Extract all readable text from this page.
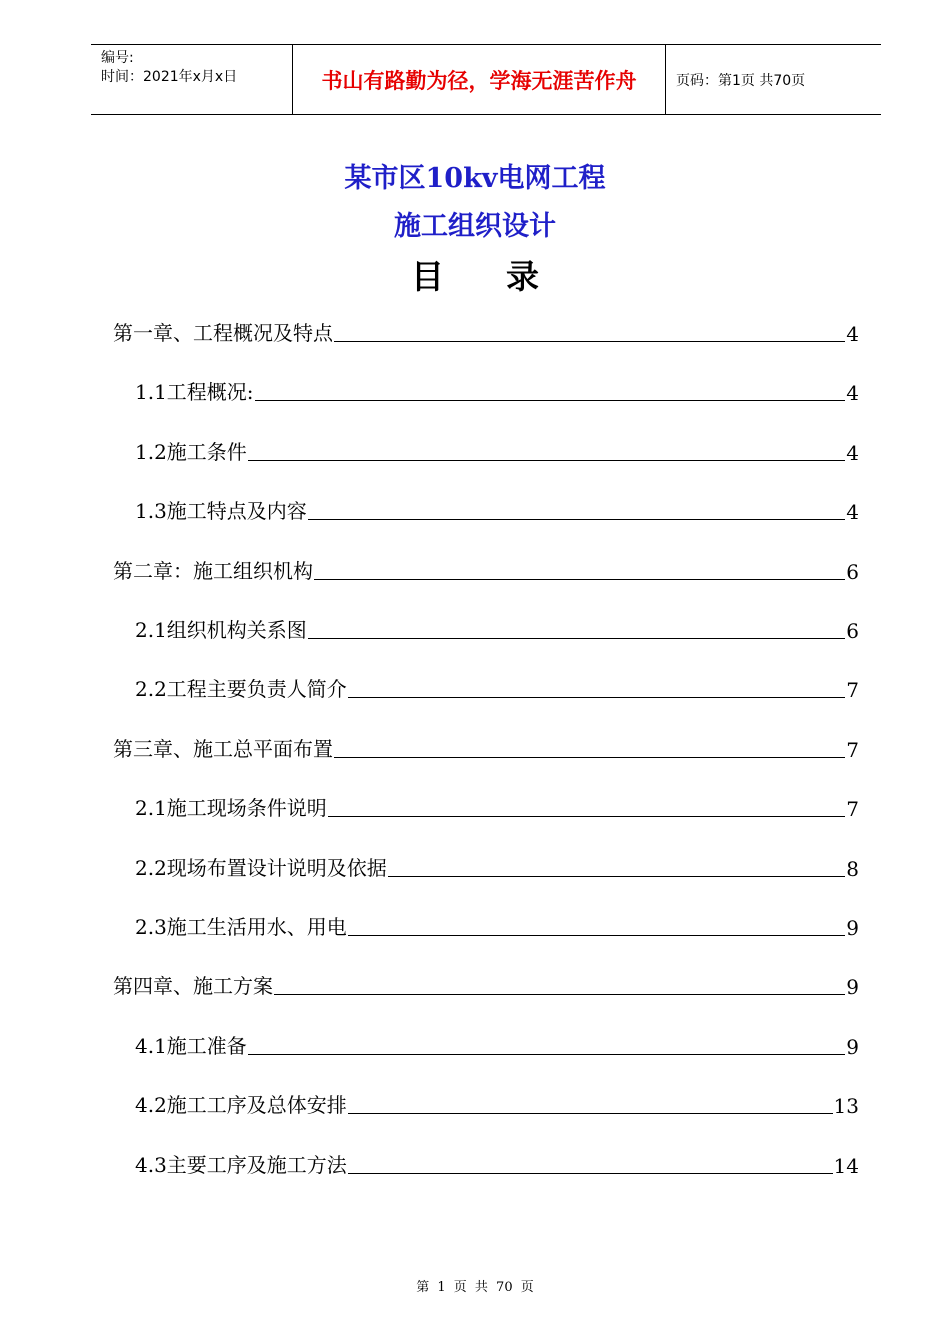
编号:
时间：2021年x月x日	书山有路勤为径，学海无涯苦作舟	页码：第1页 共70页
某市区10kv电网工程
施工组织设计
目录
第一章、工程概况及特点	4
1.1工程概况:	4
1.2施工条件	4
1.3施工特点及内容	4
第二章：施工组织机构	6
2.1组织机构关系图	6
2.2工程主要负责人简介	7
第三章、施工总平面布置	7
2.1施工现场条件说明	7
2.2现场布置设计说明及依据	8
2.3施工生活用水、用电	9
第四章、施工方案	9
4.1施工准备	9
4.2施工工序及总体安排	13
4.3主要工序及施工方法	14
第 1 页 共 70 页
